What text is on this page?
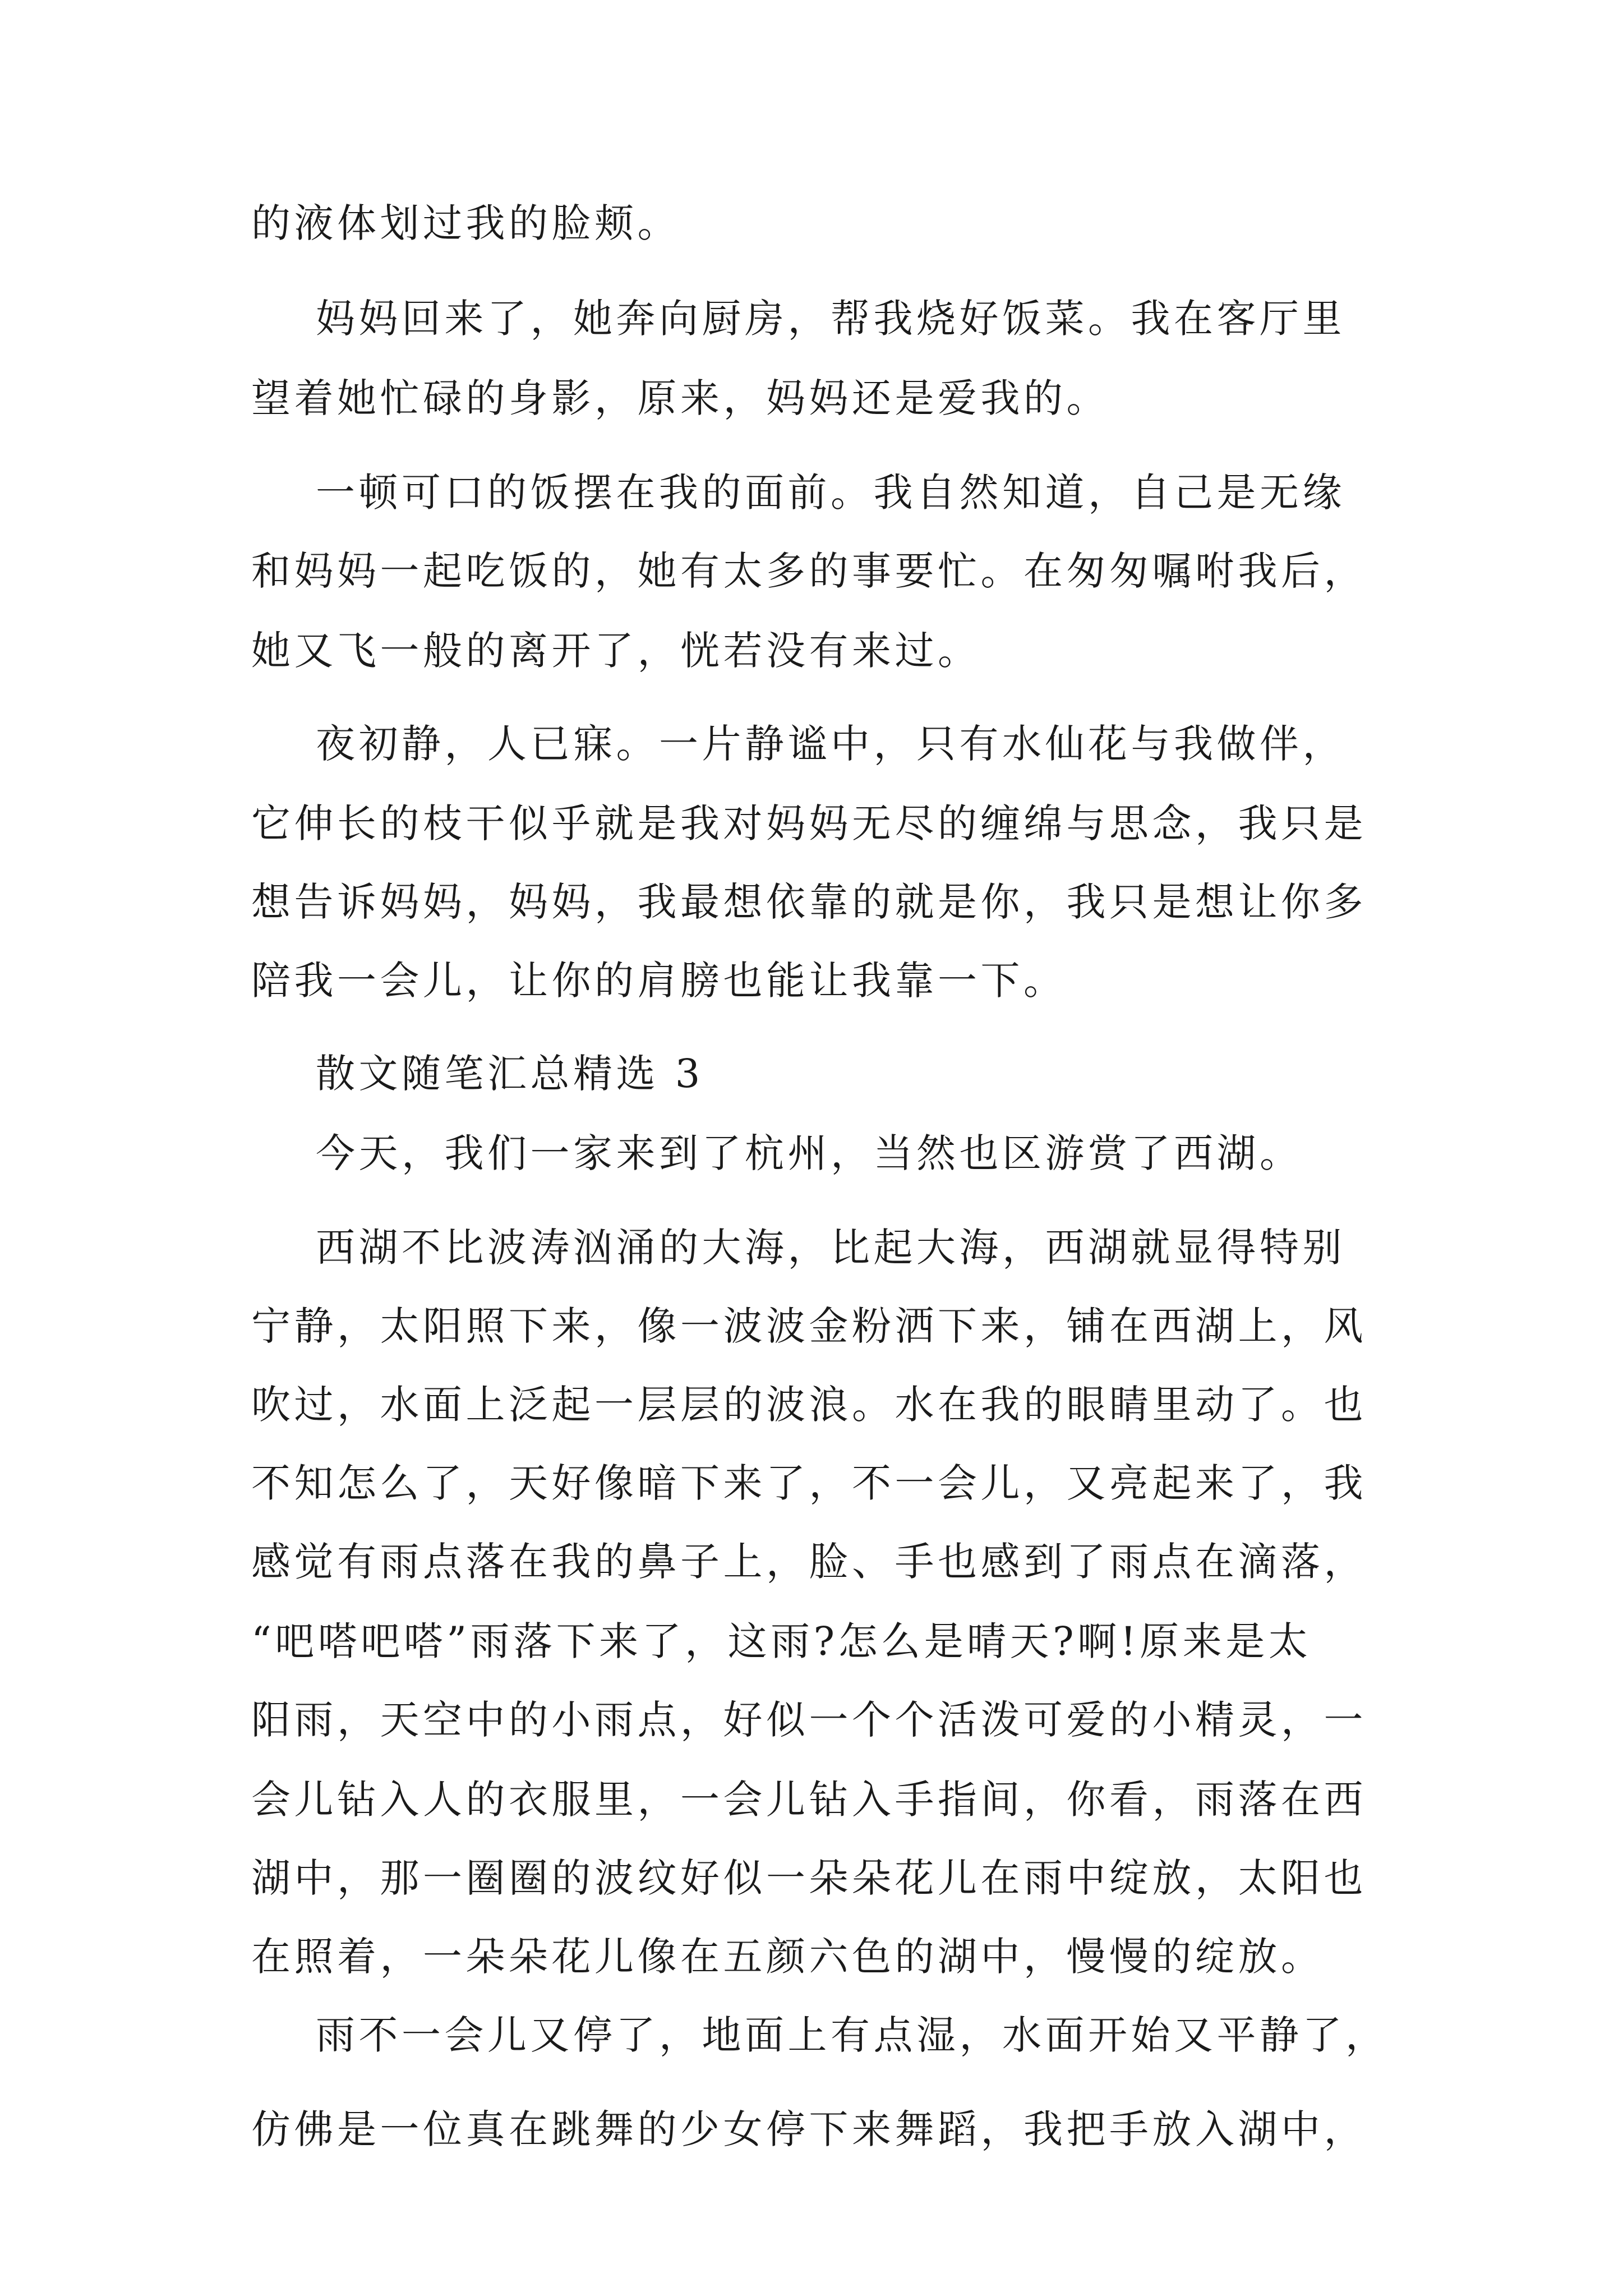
的液体划过我的脸颊。
妈妈回来了，她奔向厨房，帮我烧好饭菜。我在客厅里
望着她忙碌的身影，原来，妈妈还是爱我的。
一顿可口的饭摆在我的面前。我自然知道，自己是无缘
和妈妈一起吃饭的，她有太多的事要忙。在匆匆嘱咐我后，
她又飞一般的离开了，恍若没有来过。
夜初静，人已寐。一片静谧中，只有水仙花与我做伴，
它伸长的枝干似乎就是我对妈妈无尽的缠绵与思念，我只是
想告诉妈妈，妈妈，我最想依靠的就是你，我只是想让你多
陪我一会儿，让你的肩膀也能让我靠一下。
散文随笔汇总精选 3
今天，我们一家来到了杭州，当然也区游赏了西湖。
西湖不比波涛汹涌的大海，比起大海，西湖就显得特别
宁静，太阳照下来，像一波波金粉洒下来，铺在西湖上，风
吹过，水面上泛起一层层的波浪。水在我的眼睛里动了。也
不知怎么了，天好像暗下来了，不一会儿，又亮起来了，我
感觉有雨点落在我的鼻子上，脸、手也感到了雨点在滴落，
“吧嗒吧嗒”雨落下来了，这雨?怎么是晴天?啊!原来是太
阳雨，天空中的小雨点，好似一个个活泼可爱的小精灵，一
会儿钻入人的衣服里，一会儿钻入手指间，你看，雨落在西
湖中，那一圈圈的波纹好似一朵朵花儿在雨中绽放，太阳也
在照着，一朵朵花儿像在五颜六色的湖中，慢慢的绽放。
雨不一会儿又停了，地面上有点湿，水面开始又平静了，
仿佛是一位真在跳舞的少女停下来舞蹈，我把手放入湖中，
